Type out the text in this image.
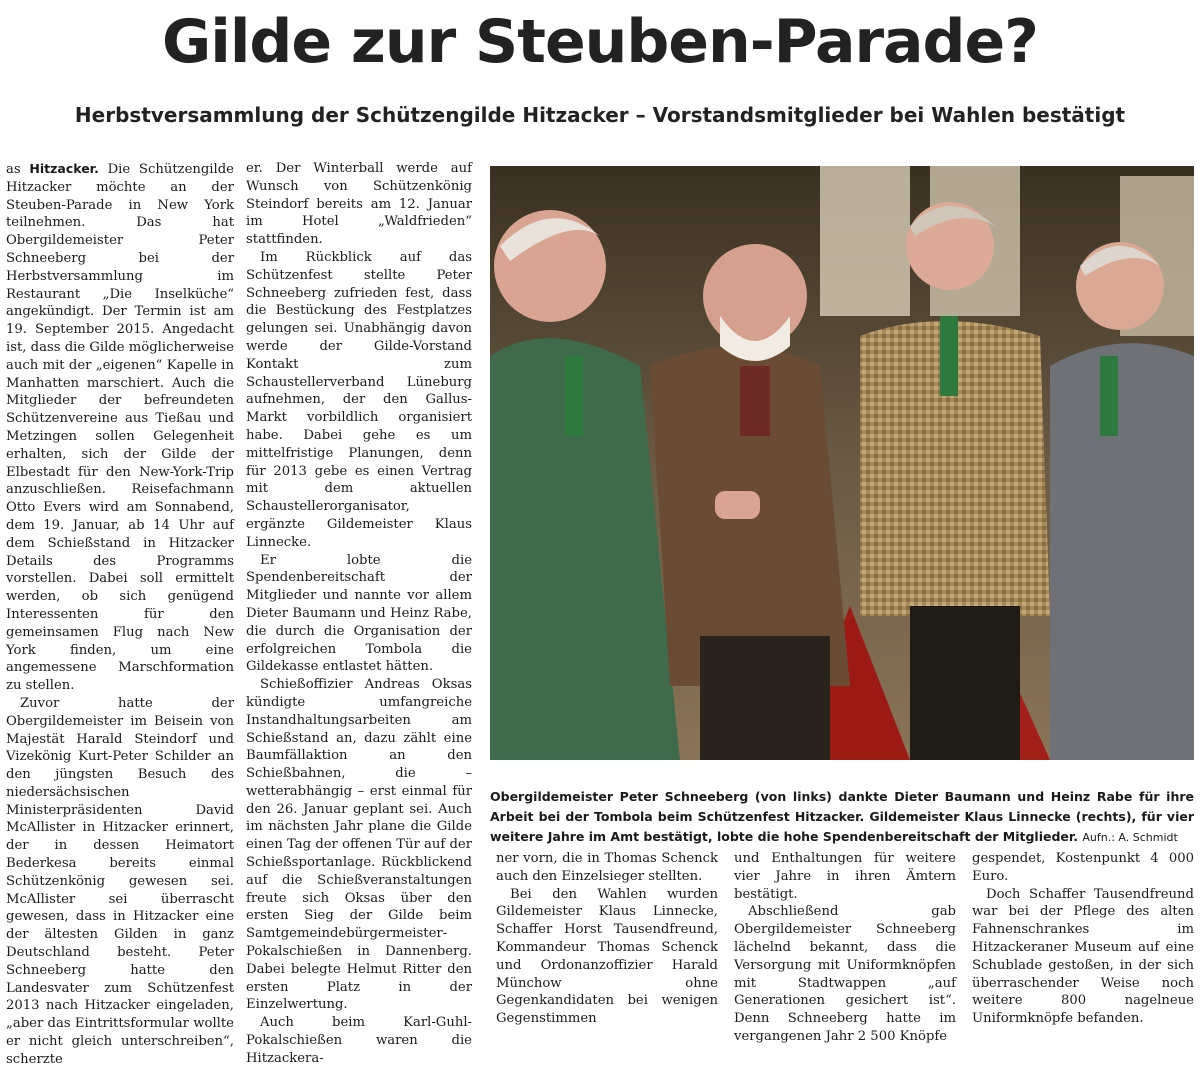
Gilde zur Steuben-Parade?
Herbstversammlung der Schützengilde Hitzacker – Vorstandsmitglieder bei Wahlen bestätigt

as Hitzacker. Die Schützengilde Hitzacker möchte an der Steuben-Parade in New York teilnehmen. Das hat Obergildemeister Peter Schneeberg bei der Herbstversammlung im Restaurant „Die Inselküche“ angekündigt. Der Termin ist am 19. September 2015. Angedacht ist, dass die Gilde möglicherweise auch mit der „eigenen“ Kapelle in Manhatten marschiert. Auch die Mitglieder der befreundeten Schützenvereine aus Tießau und Metzingen sollen Gelegenheit erhalten, sich der Gilde der Elbestadt für den New-York-Trip anzuschließen. Reisefachmann Otto Evers wird am Sonnabend, dem 19. Januar, ab 14 Uhr auf dem Schießstand in Hitzacker Details des Programms vorstellen. Dabei soll ermittelt werden, ob sich genügend Interessenten für den gemeinsamen Flug nach New York finden, um eine angemessene Marschformation zu stellen.

Zuvor hatte der Obergildemeister im Beisein von Majestät Harald Steindorf und Vizekönig Kurt-Peter Schilder an den jüngsten Besuch des niedersächsischen Ministerpräsidenten David McAllister in Hitzacker erinnert, der in dessen Heimatort Bederkesa bereits einmal Schützenkönig gewesen sei. McAllister sei überrascht gewesen, dass in Hitzacker eine der ältesten Gilden in ganz Deutschland besteht. Peter Schneeberg hatte den Landesvater zum Schützenfest 2013 nach Hitzacker eingeladen, „aber das Eintrittsformular wollte er nicht gleich unterschreiben“, scherzte

er. Der Winterball werde auf Wunsch von Schützenkönig Steindorf bereits am 12. Januar im Hotel „Waldfrieden“ stattfinden.

Im Rückblick auf das Schützenfest stellte Peter Schneeberg zufrieden fest, dass die Bestückung des Festplatzes gelungen sei. Unabhängig davon werde der Gilde-Vorstand Kontakt zum Schaustellerverband Lüneburg aufnehmen, der den Gallus-Markt vorbildlich organisiert habe. Dabei gehe es um mittelfristige Planungen, denn für 2013 gebe es einen Vertrag mit dem aktuellen Schaustellerorganisator, ergänzte Gildemeister Klaus Linnecke.

Er lobte die Spendenbereitschaft der Mitglieder und nannte vor allem Dieter Baumann und Heinz Rabe, die durch die Organisation der erfolgreichen Tombola die Gildekasse entlastet hätten.

Schießoffizier Andreas Oksas kündigte umfangreiche Instandhaltungsarbeiten am Schießstand an, dazu zählt eine Baumfällaktion an den Schießbahnen, die – wetterabhängig – erst einmal für den 26. Januar geplant sei. Auch im nächsten Jahr plane die Gilde einen Tag der offenen Tür auf der Schießsportanlage. Rückblickend auf die Schießveranstaltungen freute sich Oksas über den ersten Sieg der Gilde beim Samtgemeindebürgermeister-Pokalschießen in Dannenberg. Dabei belegte Helmut Ritter den ersten Platz in der Einzelwertung.

Auch beim Karl-Guhl-Pokalschießen waren die Hitzackera-

Obergildemeister Peter Schneeberg (von links) dankte Dieter Baumann und Heinz Rabe für ihre Arbeit bei der Tombola beim Schützenfest Hitzacker. Gildemeister Klaus Linnecke (rechts), für vier weitere Jahre im Amt bestätigt, lobte die hohe Spendenbereitschaft der Mitglieder. Aufn.: A. Schmidt

ner vorn, die in Thomas Schenck auch den Einzelsieger stellten.

Bei den Wahlen wurden Gildemeister Klaus Linnecke, Schaffer Horst Tausendfreund, Kommandeur Thomas Schenck und Ordonanzoffizier Harald Münchow ohne Gegenkandidaten bei wenigen Gegenstimmen

und Enthaltungen für weitere vier Jahre in ihren Ämtern bestätigt.

Abschließend gab Obergildemeister Schneeberg lächelnd bekannt, dass die Versorgung mit Uniformknöpfen mit Stadtwappen „auf Generationen gesichert ist“. Denn Schneeberg hatte im vergangenen Jahr 2 500 Knöpfe

gespendet, Kostenpunkt 4 000 Euro.

Doch Schaffer Tausendfreund war bei der Pflege des alten Fahnenschrankes im Hitzackeraner Museum auf eine Schublade gestoßen, in der sich überraschender Weise noch weitere 800 nagelneue Uniformknöpfe befanden.
